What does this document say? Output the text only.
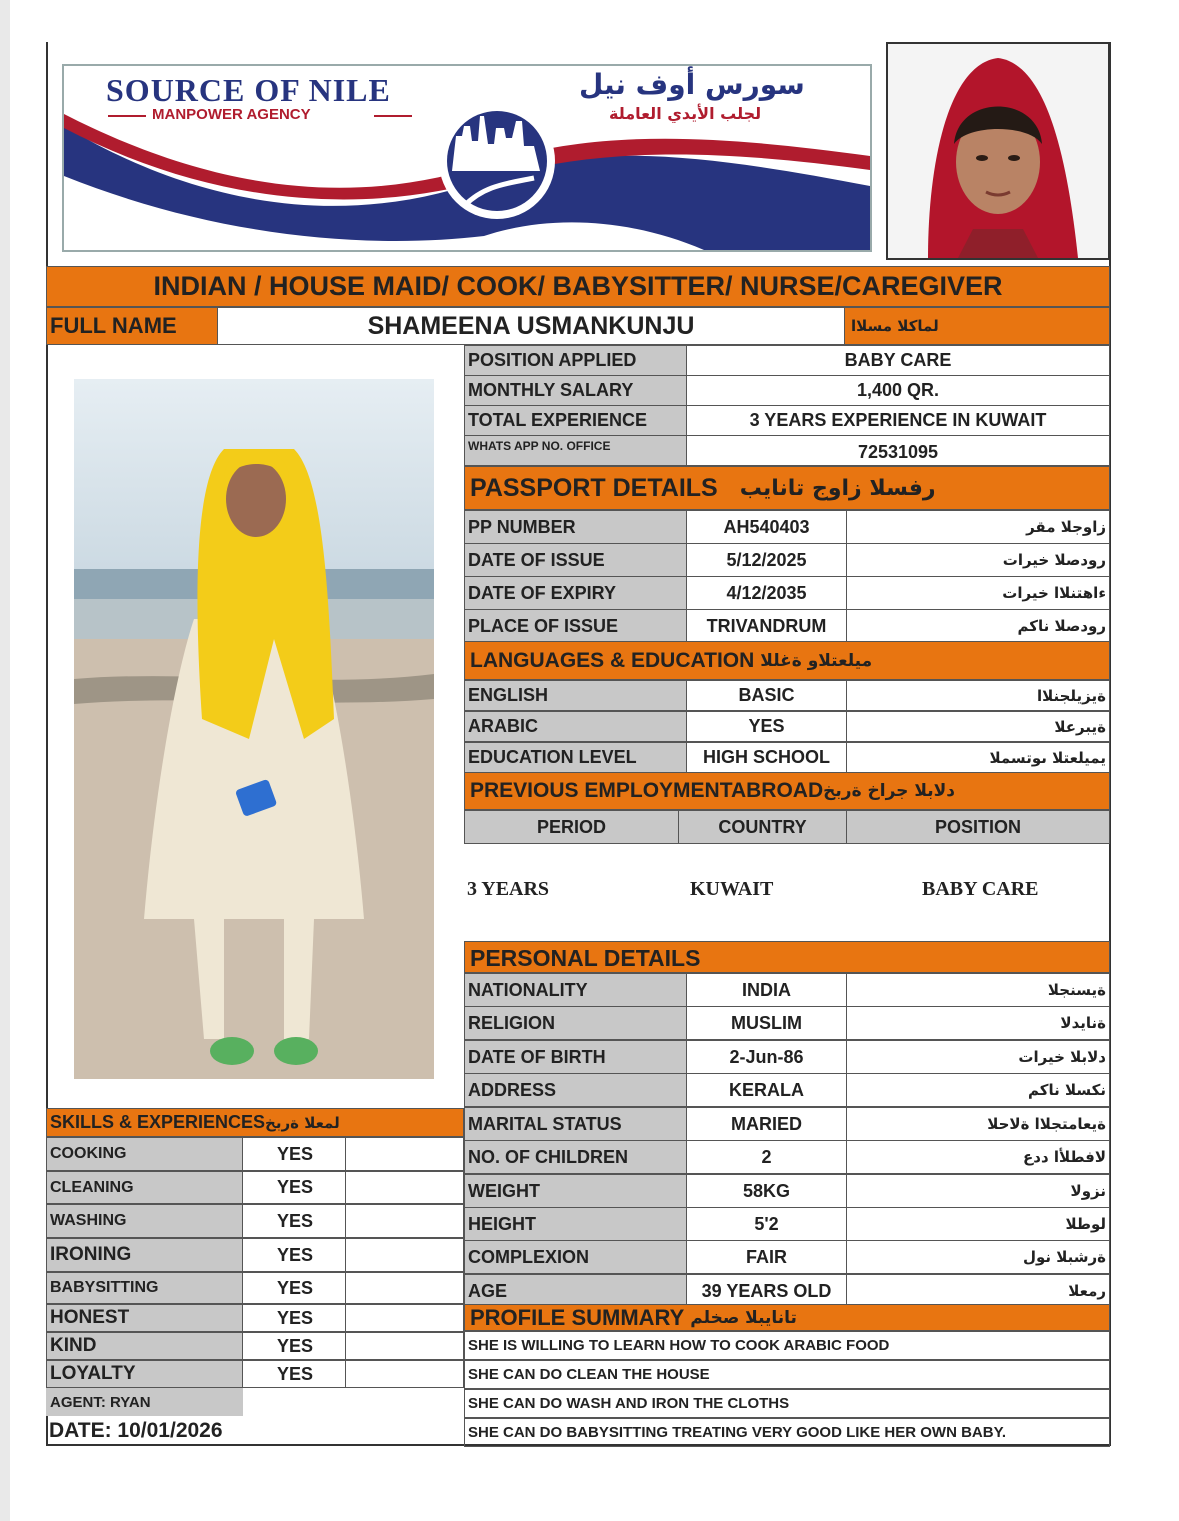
SOURCE OF NILE
MANPOWER AGENCY
سورس أوف نيل
لجلب الأيدي العاملة
INDIAN / HOUSE MAID/ COOK/ BABYSITTER/ NURSE/CAREGIVER
FULL NAME	SHAMEENA USMANKUNJU	لماكلا مسلاا
POSITION APPLIED	BABY CARE
MONTHLY SALARY	1,400 QR.
TOTAL EXPERIENCE	3 YEARS EXPERIENCE IN KUWAIT
WHATS APP NO. OFFICE	72531095
PASSPORT DETAILS رفسلا زاوج تانايب
PP NUMBER	AH540403	زاوجلا مقر
DATE OF ISSUE	5/12/2025	رودصلا خيرات
DATE OF EXPIRY	4/12/2035	ءاهتنلاا خيرات
PLACE OF ISSUE	TRIVANDRUM	رودصلا ناكم
LANGUAGES & EDUCATION ميلعتلاو ةغللا
ENGLISH	BASIC	ةيزيلجنلاا
ARABIC	YES	ةيبرعلا
EDUCATION LEVEL	HIGH SCHOOL	يميلعتلا ىوتسملا
PREVIOUS EMPLOYMENTABROAD دلابلا جراخ ةربخ
PERIOD	COUNTRY	POSITION
3 YEARS	KUWAIT	BABY CARE
PERSONAL DETAILS
NATIONALITY	INDIA	ةيسنجلا
RELIGION	MUSLIM	ةنايدلا
DATE OF BIRTH	2-Jun-86	دلابلا خيرات
ADDRESS	KERALA	نكسلا ناكم
MARITAL STATUS	MARIED	ةيعامتجلاا ةلاحلا
NO. OF CHILDREN	2	لافطلأا ددع
WEIGHT	58KG	نزولا
HEIGHT	5'2	لوطلا
COMPLEXION	FAIR	ةرشبلا نول
AGE	39 YEARS OLD	رمعلا
PROFILE SUMMARY تانايبلا صخلم
SHE IS WILLING TO LEARN HOW TO COOK ARABIC FOOD
SHE CAN DO CLEAN THE HOUSE
SHE CAN DO WASH AND IRON THE CLOTHS
SHE CAN DO BABYSITTING TREATING VERY GOOD LIKE HER OWN BABY.
SKILLS & EXPERIENCES لمعلا ةربخ
COOKING	YES
CLEANING	YES
WASHING	YES
IRONING	YES
BABYSITTING	YES
HONEST	YES
KIND	YES
LOYALTY	YES
AGENT: RYAN
DATE: 10/01/2026
